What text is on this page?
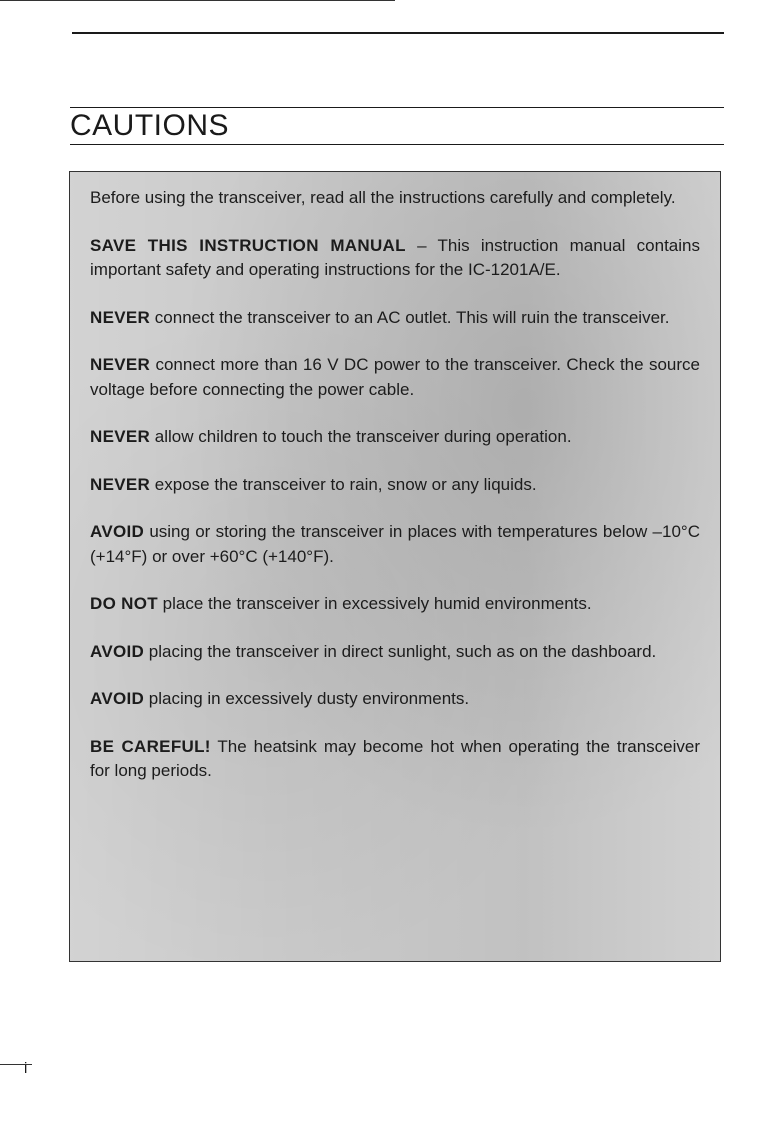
CAUTIONS

Before using the transceiver, read all the instructions carefully and completely.

SAVE THIS INSTRUCTION MANUAL – This instruction manual contains important safety and operating instructions for the IC-1201A/E.

NEVER connect the transceiver to an AC outlet. This will ruin the transceiver.

NEVER connect more than 16 V DC power to the transceiver. Check the source voltage before connecting the power cable.

NEVER allow children to touch the transceiver during operation.

NEVER expose the transceiver to rain, snow or any liquids.

AVOID using or storing the transceiver in places with temperatures below –10°C (+14°F) or over +60°C (+140°F).

DO NOT place the transceiver in excessively humid environments.

AVOID placing the transceiver in direct sunlight, such as on the dashboard.

AVOID placing in excessively dusty environments.

BE CAREFUL! The heatsink may become hot when operating the transceiver for long periods.

i
